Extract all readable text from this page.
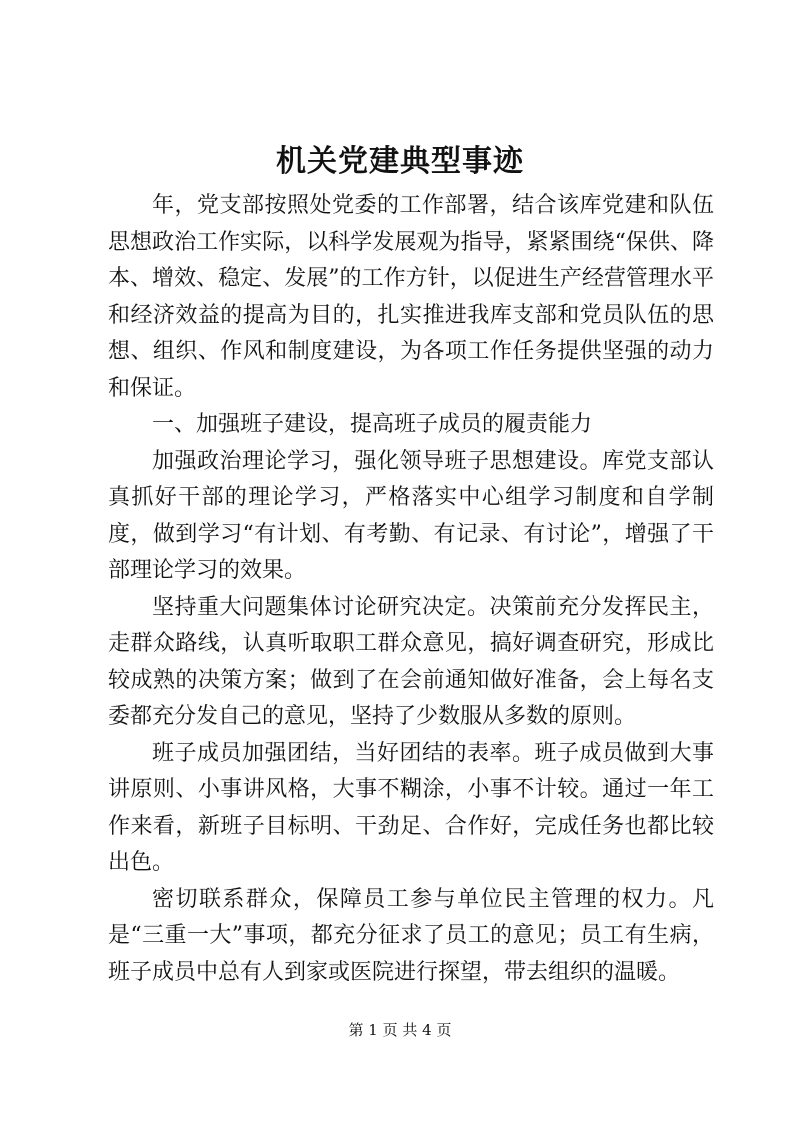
机关党建典型事迹

年，党支部按照处党委的工作部署，结合该库党建和队伍思想政治工作实际，以科学发展观为指导，紧紧围绕“保供、降本、增效、稳定、发展”的工作方针，以促进生产经营管理水平和经济效益的提高为目的，扎实推进我库支部和党员队伍的思想、组织、作风和制度建设，为各项工作任务提供坚强的动力和保证。

一、加强班子建设，提高班子成员的履责能力

加强政治理论学习，强化领导班子思想建设。库党支部认真抓好干部的理论学习，严格落实中心组学习制度和自学制度，做到学习“有计划、有考勤、有记录、有讨论”，增强了干部理论学习的效果。

坚持重大问题集体讨论研究决定。决策前充分发挥民主，走群众路线，认真听取职工群众意见，搞好调查研究，形成比较成熟的决策方案；做到了在会前通知做好准备，会上每名支委都充分发自己的意见，坚持了少数服从多数的原则。

班子成员加强团结，当好团结的表率。班子成员做到大事讲原则、小事讲风格，大事不糊涂，小事不计较。通过一年工作来看，新班子目标明、干劲足、合作好，完成任务也都比较出色。

密切联系群众，保障员工参与单位民主管理的权力。凡是“三重一大”事项，都充分征求了员工的意见；员工有生病，班子成员中总有人到家或医院进行探望，带去组织的温暖。

第 1 页 共 4 页
